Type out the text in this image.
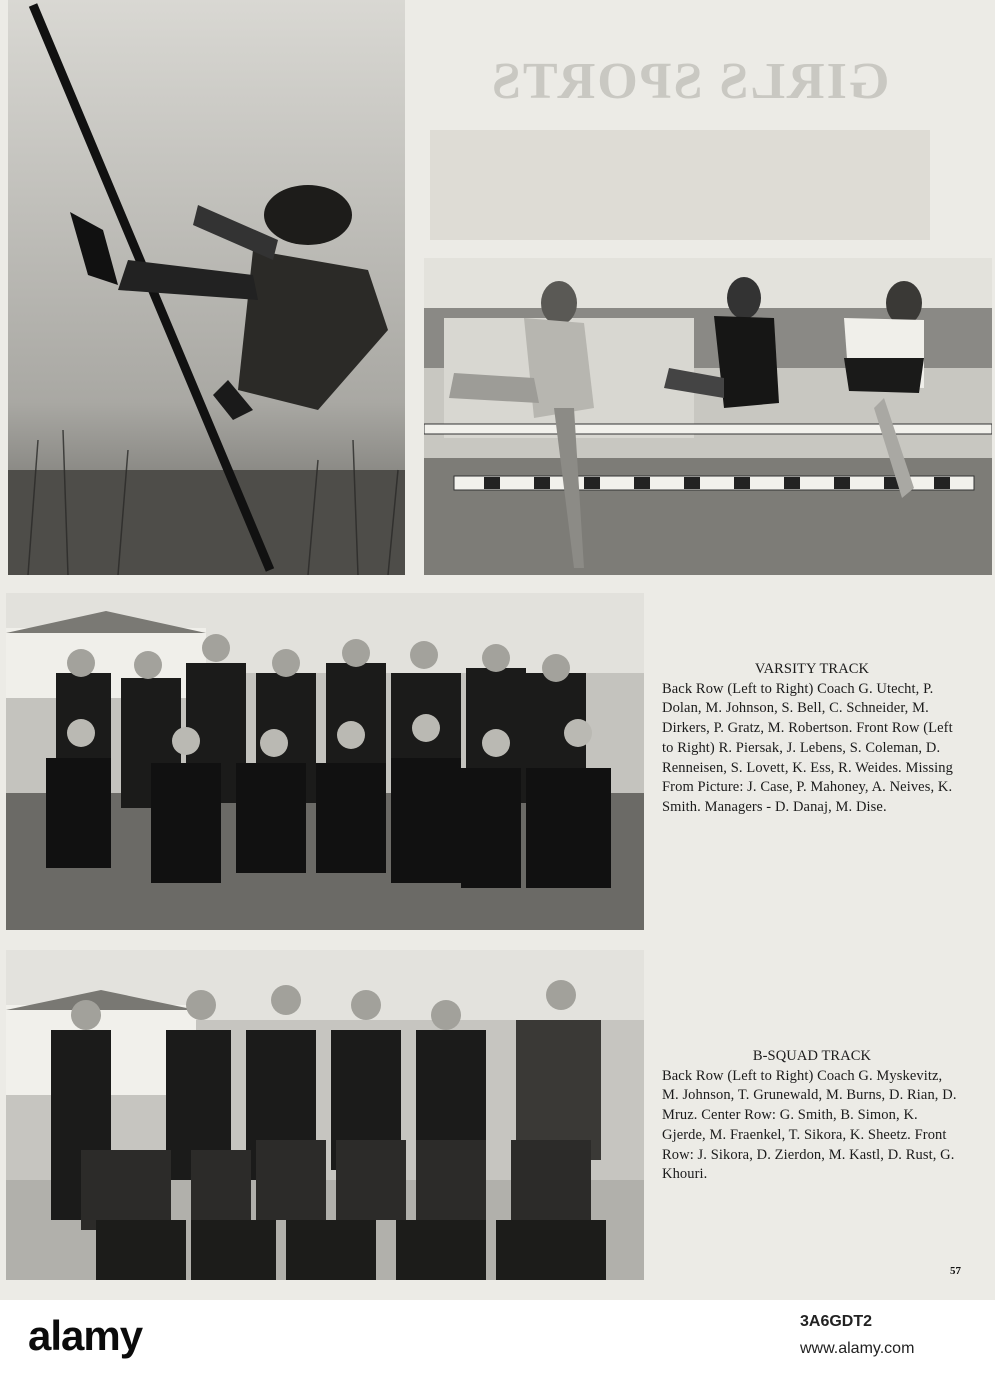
GIRLS SPORTS

VARSITY TRACK

Back Row (Left to Right) Coach G. Utecht, P. Dolan, M. Johnson, S. Bell, C. Schneider, M. Dirkers, P. Gratz, M. Robertson. Front Row (Left to Right) R. Piersak, J. Lebens, S. Coleman, D. Renneisen, S. Lovett, K. Ess, R. Weides. Missing From Picture: J. Case, P. Mahoney, A. Neives, K. Smith. Managers - D. Danaj, M. Dise.

B-SQUAD TRACK

Back Row (Left to Right) Coach G. Myskevitz, M. Johnson, T. Grunewald, M. Burns, D. Rian, D. Mruz. Center Row: G. Smith, B. Simon, K. Gjerde, M. Fraenkel, T. Sikora, K. Sheetz. Front Row: J. Sikora, D. Zierdon, M. Kastl, D. Rust, G. Khouri.

57
alamy	3A6GDT2
www.alamy.com
